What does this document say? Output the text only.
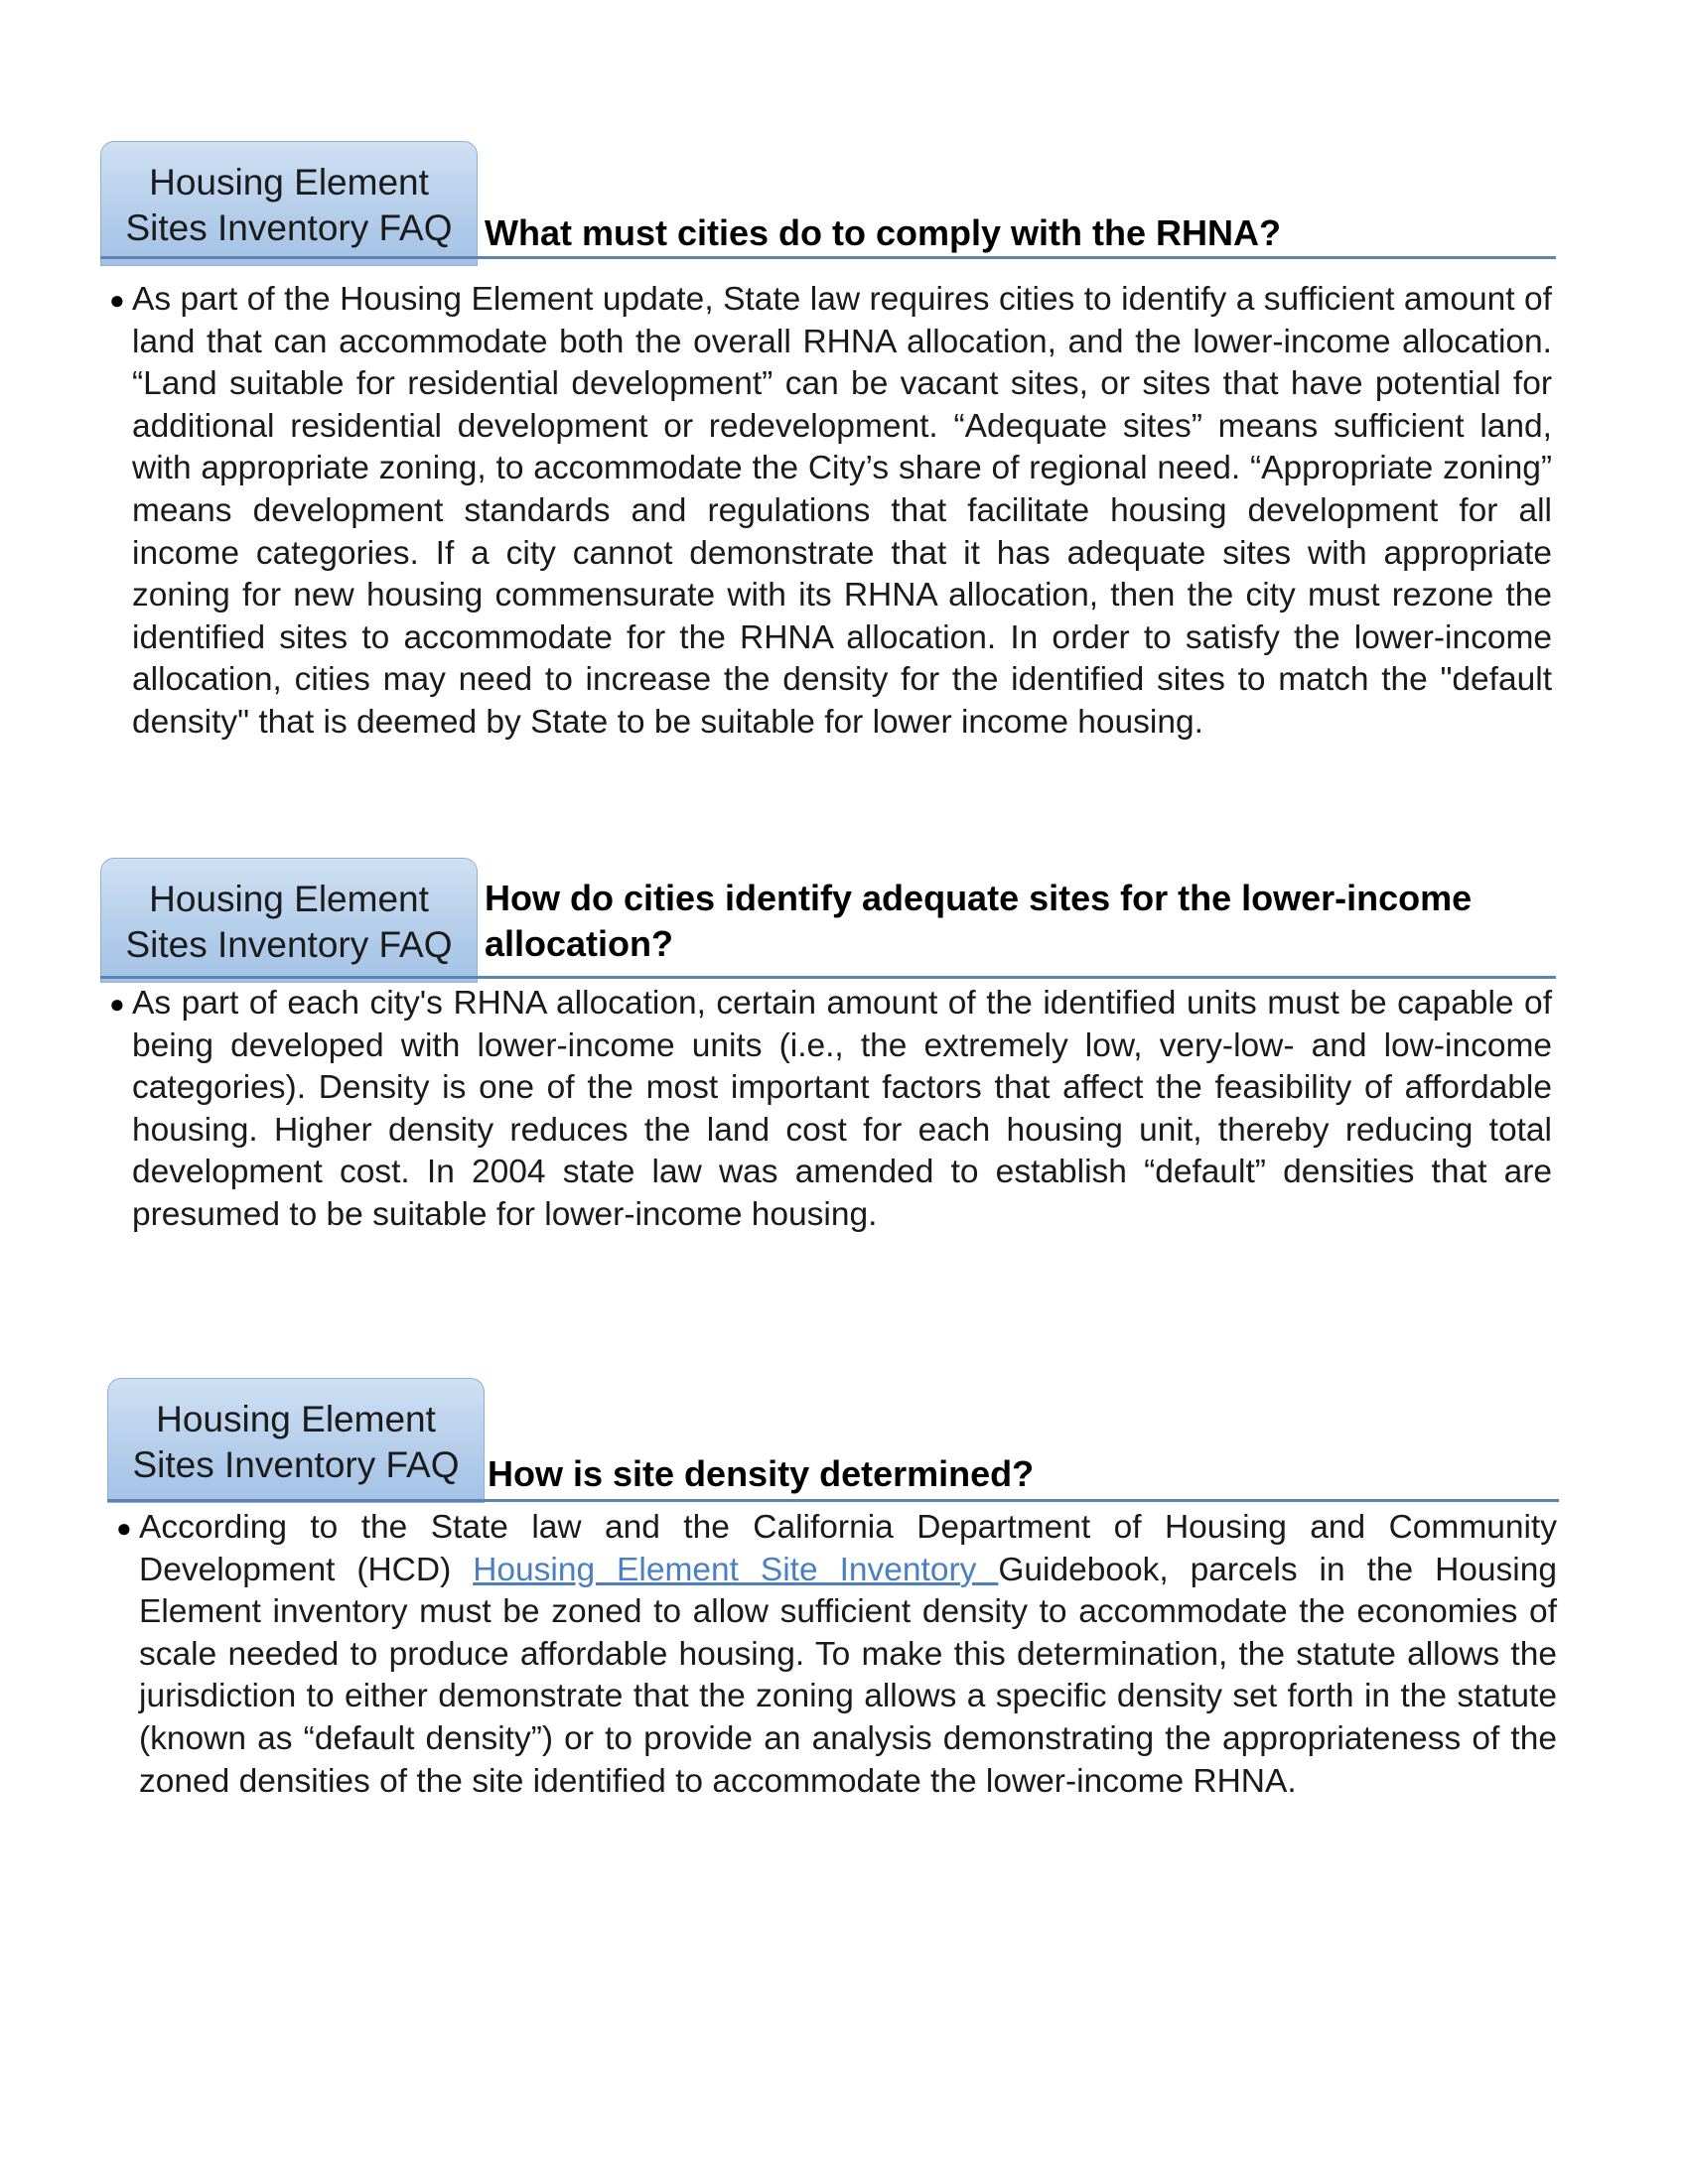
Housing Element
Sites Inventory FAQ What must cities do to comply with the RHNA?
● As part of the Housing Element update, State law requires cities to identify a sufficient amount of land that can accommodate both the overall RHNA allocation, and the lower-income allocation. “Land suitable for residential development” can be vacant sites, or sites that have potential for additional residential development or redevelopment. “Adequate sites” means sufficient land, with appropriate zoning, to accommodate the City’s share of regional need. “Appropriate zoning” means development standards and regulations that facilitate housing development for all income categories. If a city cannot demonstrate that it has adequate sites with appropriate zoning for new housing commensurate with its RHNA allocation, then the city must rezone the identified sites to accommodate for the RHNA allocation. In order to satisfy the lower-income allocation, cities may need to increase the density for the identified sites to match the "default density" that is deemed by State to be suitable for lower income housing.

Housing Element
Sites Inventory FAQ
How do cities identify adequate sites for the lower-income
allocation?
● As part of each city's RHNA allocation, certain amount of the identified units must be capable of being developed with lower-income units (i.e., the extremely low, very-low- and low-income categories). Density is one of the most important factors that affect the feasibility of affordable housing. Higher density reduces the land cost for each housing unit, thereby reducing total development cost. In 2004 state law was amended to establish “default” densities that are presumed to be suitable for lower-income housing.

Housing Element
Sites Inventory FAQ How is site density determined?
● According to the State law and the California Department of Housing and Community Development (HCD) Housing Element Site Inventory Guidebook, parcels in the Housing Element inventory must be zoned to allow sufficient density to accommodate the economies of scale needed to produce affordable housing. To make this determination, the statute allows the jurisdiction to either demonstrate that the zoning allows a specific density set forth in the statute (known as “default density”) or to provide an analysis demonstrating the appropriateness of the zoned densities of the site identified to accommodate the lower-income RHNA.
